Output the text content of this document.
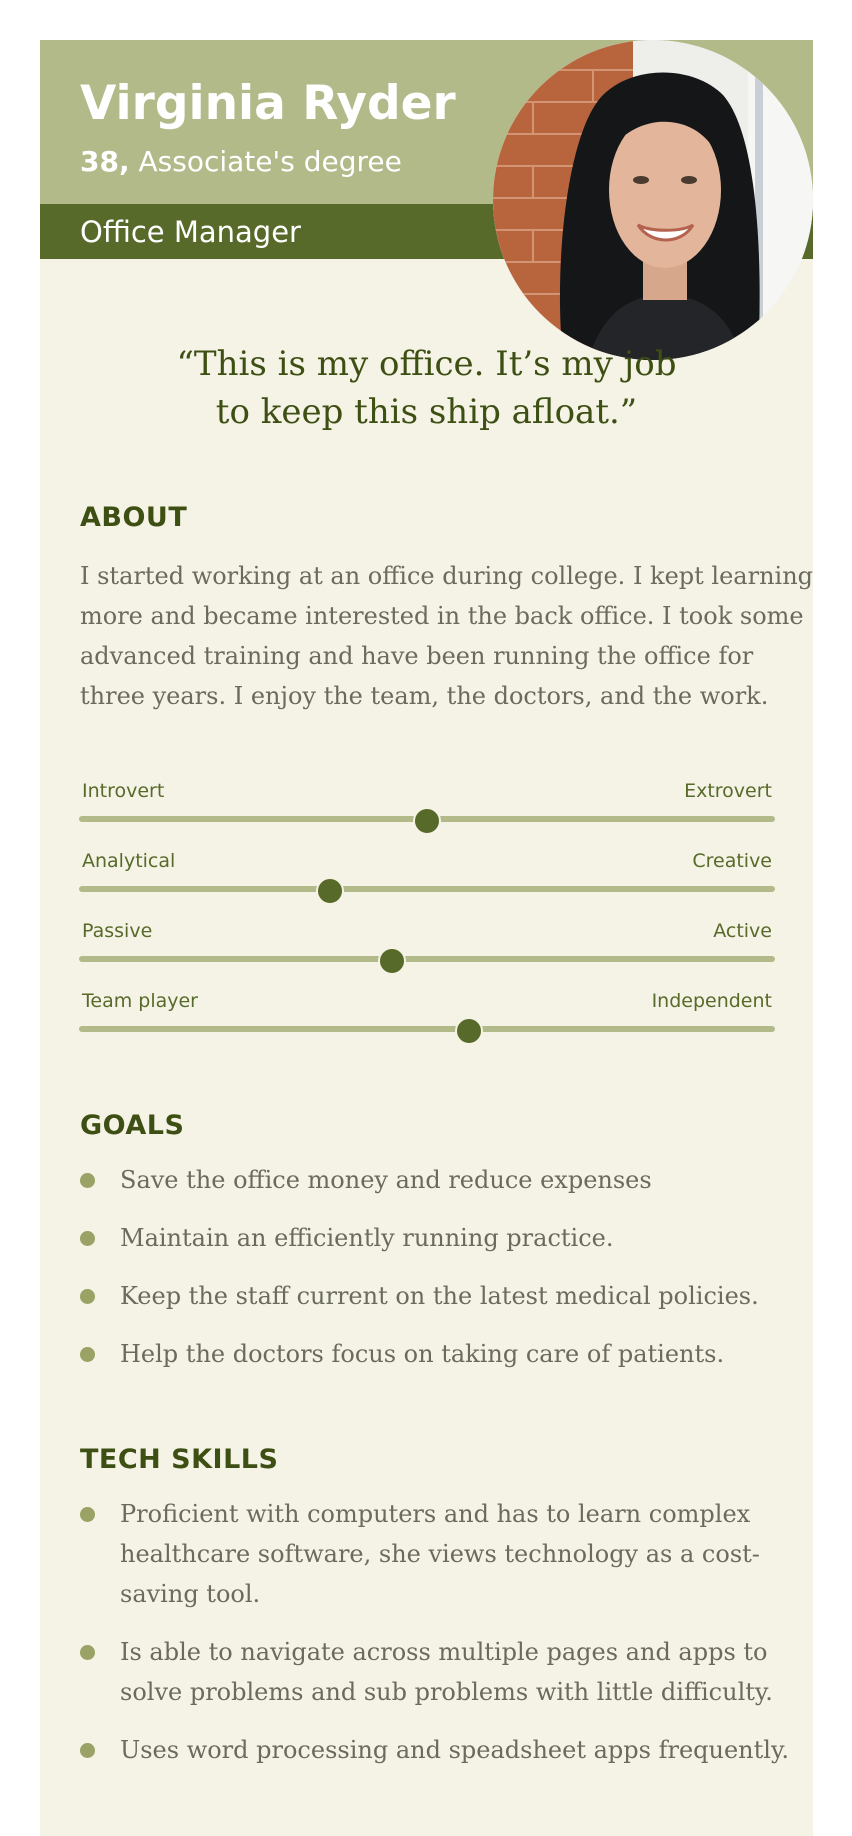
Virginia Ryder
38, Associate's degree
Office Manager
“This is my office. It’s my job
to keep this ship afloat.”
ABOUT
I started working at an office during college. I kept learning
more and became interested in the back office. I took some
advanced training and have been running the office for
three years. I enjoy the team, the doctors, and the work.
Introvert	Extrovert
Analytical	Creative
Passive	Active
Team player	Independent
GOALS
Save the office money and reduce expenses
Maintain an efficiently running practice.
Keep the staff current on the latest medical policies.
Help the doctors focus on taking care of patients.
TECH SKILLS
Proficient with computers and has to learn complex
healthcare software, she views technology as a cost-
saving tool.
Is able to navigate across multiple pages and apps to
solve problems and sub problems with little difficulty.
Uses word processing and speadsheet apps frequently.
